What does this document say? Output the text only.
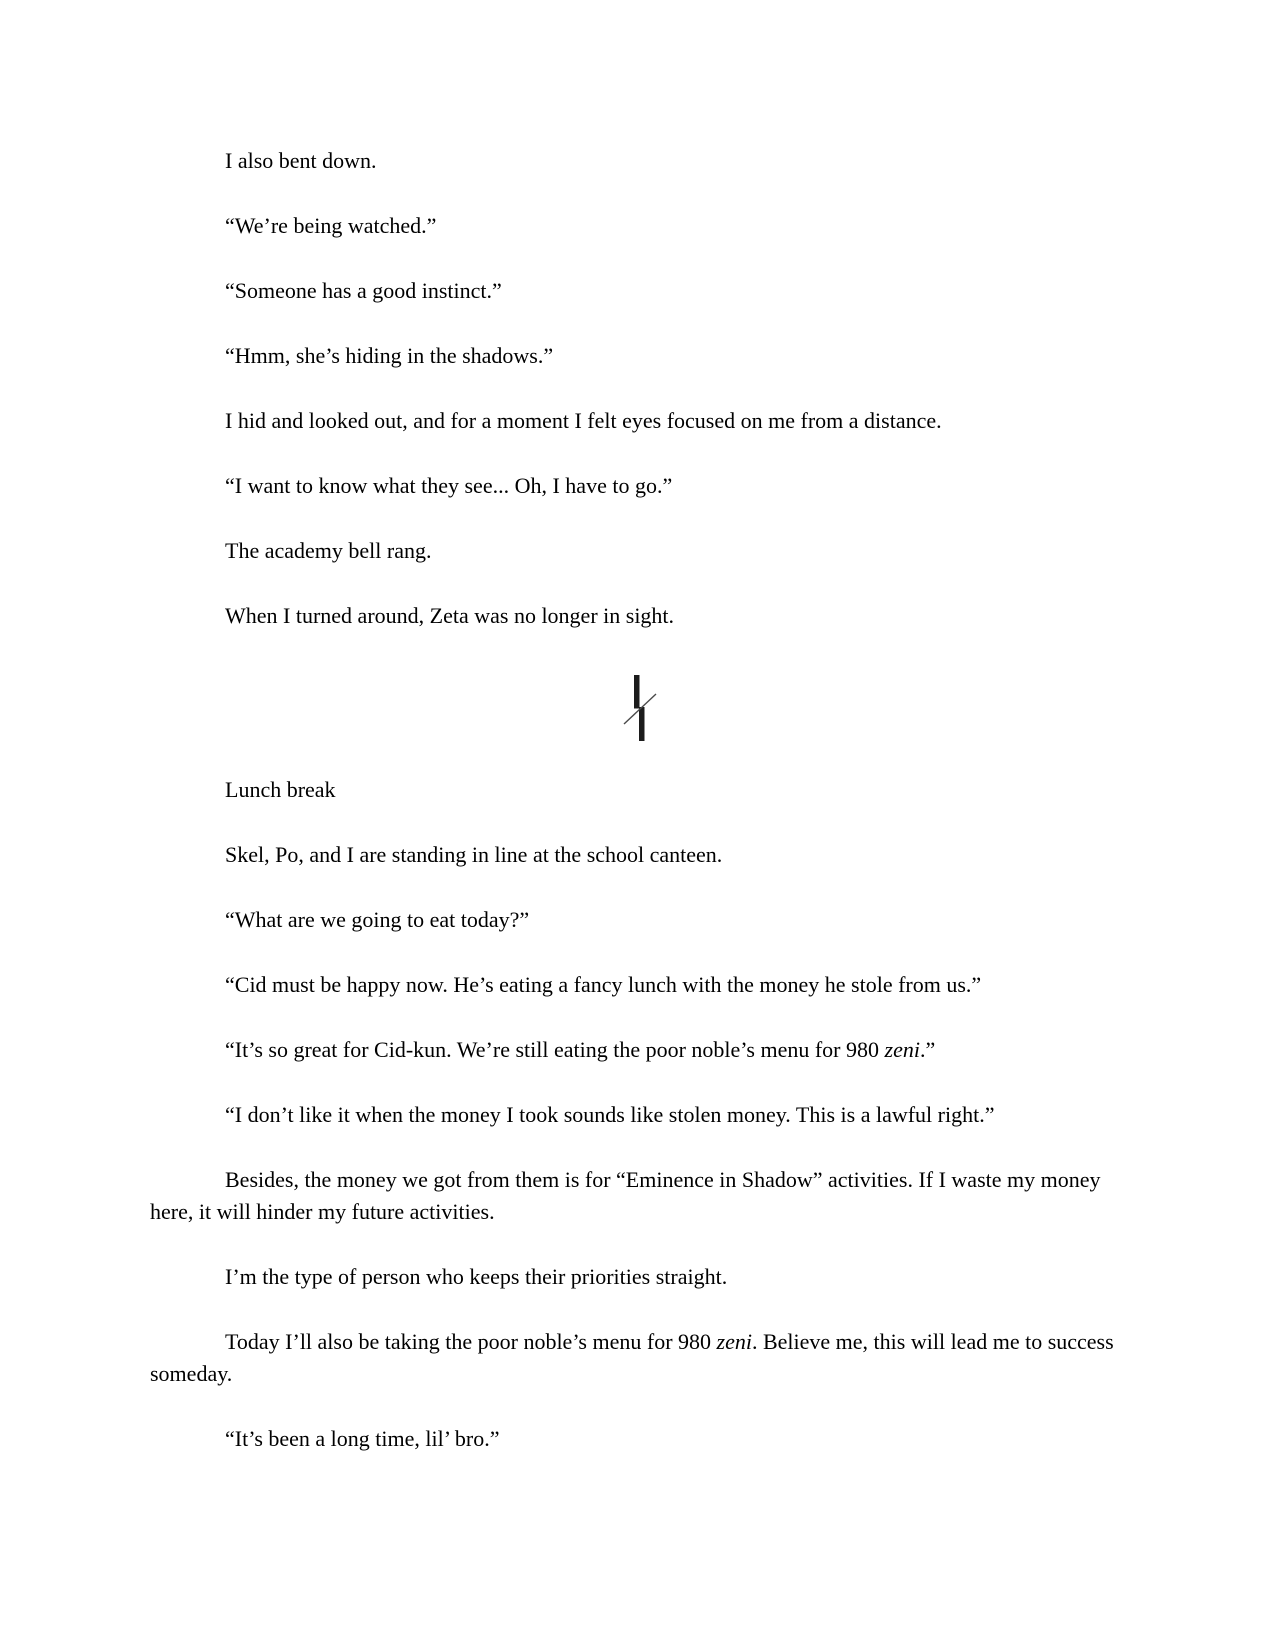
I also bent down.

“We’re being watched.”

“Someone has a good instinct.”

“Hmm, she’s hiding in the shadows.”

I hid and looked out, and for a moment I felt eyes focused on me from a distance.

“I want to know what they see... Oh, I have to go.”

The academy bell rang.

When I turned around, Zeta was no longer in sight.

Lunch break

Skel, Po, and I are standing in line at the school canteen.

“What are we going to eat today?”

“Cid must be happy now. He’s eating a fancy lunch with the money he stole from us.”

“It’s so great for Cid-kun. We’re still eating the poor noble’s menu for 980 zeni.”

“I don’t like it when the money I took sounds like stolen money. This is a lawful right.”

Besides, the money we got from them is for “Eminence in Shadow” activities. If I waste my money here, it will hinder my future activities.

I’m the type of person who keeps their priorities straight.

Today I’ll also be taking the poor noble’s menu for 980 zeni. Believe me, this will lead me to success someday.

“It’s been a long time, lil’ bro.”
